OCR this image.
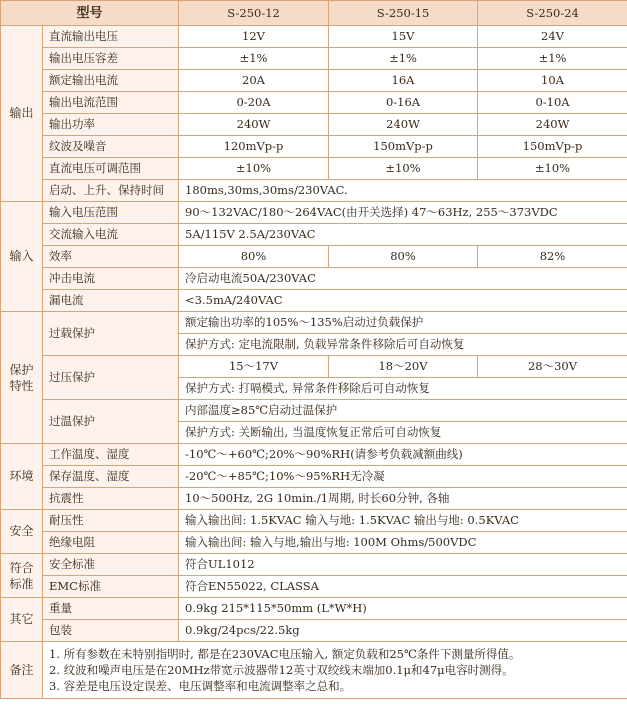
型号		S-250-12	S-250-15	S-250-24
输出	直流输出电压	12V	15V	24V
	输出电压容差	±1%	±1%	±1%
	额定输出电流	20A	16A	10A
	输出电流范围	0-20A	0-16A	0-10A
	输出功率	240W	240W	240W
	纹波及噪音	120mVp-p	150mVp-p	150mVp-p
	直流电压可调范围	±10%	±10%	±10%
	启动、上升、保持时间	180ms,30ms,30ms/230VAC.		
输入	输入电压范围	90～132VAC/180～264VAC(由开关选择) 47～63Hz, 255～373VDC		
	交流输入电流	5A/115V 2.5A/230VAC		
	效率	80%	80%	82%
	冲击电流	冷启动电流50A/230VAC		
	漏电流	<3.5mA/240VAC		
保护特性	过载保护	额定输出功率的105%～135%启动过负载保护		
		保护方式: 定电流限制, 负载异常条件移除后可自动恢复		
	过压保护	15～17V	18～20V	28～30V
		保护方式: 打嗝模式, 异常条件移除后可自动恢复		
	过温保护	内部温度≥85℃启动过温保护		
		保护方式: 关断输出, 当温度恢复正常后可自动恢复		
环境	工作温度、湿度	-10℃～+60℃;20%～90%RH(请参考负载减额曲线)		
	保存温度、湿度	-20℃～+85℃;10%～95%RH无冷凝		
	抗震性	10～500Hz, 2G 10min./1周期, 时长60分钟, 各轴		
安全	耐压性	输入输出间: 1.5KVAC 输入与地: 1.5KVAC 输出与地: 0.5KVAC		
	绝缘电阻	输入输出间: 输入与地,输出与地: 100M Ohms/500VDC		
符合标准	安全标准	符合UL1012		
	EMC标准	符合EN55022, CLASSA		
其它	重量	0.9kg 215*115*50mm (L*W*H)		
	包装	0.9kg/24pcs/22.5kg		
备注	1. 所有参数在未特别指明时, 都是在230VAC电压输入, 额定负载和25℃条件下测量所得值。
2. 纹波和噪声电压是在20MHz带宽示波器带12英寸双绞线末端加0.1μ和47μ电容时测得。
3. 容差是电压设定误差、电压调整率和电流调整率之总和。			
